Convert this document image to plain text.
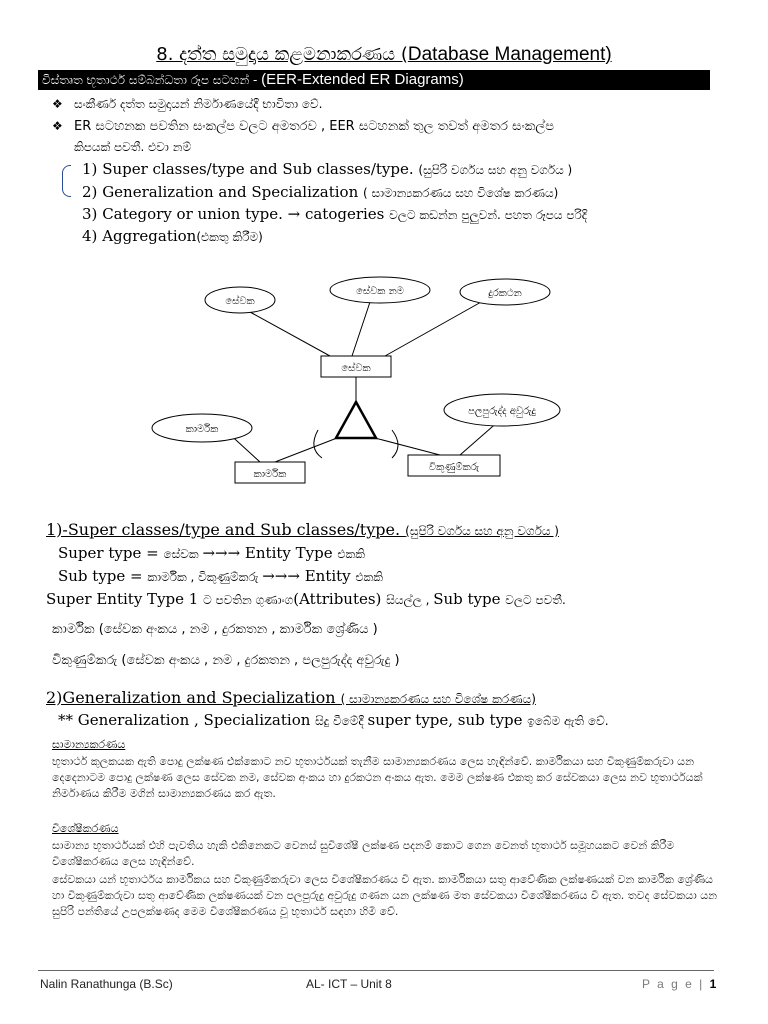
8. දත්ත සමුදාය කළමනාකරණය (Database Management)
විස්තෘත භූතාර්ථ සම්බන්ධතා රූප සටහන් - (EER-Extended ER Diagrams)
❖ සංකීර්ණ දත්ත සමුදායන් නිර්මාණයේදී භාවිතා වේ.
❖ ER සටහනක පවතින සංකල්ප වලට අමතරව , EER සටහනක් තුල තවත් අමතර සංකල්ප
කිපයක් පවතී. එවා නම්
1) Super classes/type and Sub classes/type. (සුපිරි වර්ගය සහ අනු වර්ගය )
2) Generalization and Specialization ( සාමාන්‍යකරණය සහ විශේෂ කරණය)
3) Category or union type. → catogeries වලට කඩන්න පුලුවන්. පහත රූපය පරිදි
4) Aggregation(එකතු කිරීම)
සේවක
සේවක නම	දුරකථන
සේවක
කාර්මික
පලපුරුද්ද අවුරුදු
කාර්මික
විකුණුම්කරු
1)-Super classes/type and Sub classes/type. (සුපිරි වර්ගය සහ අනු වර්ගය )
Super type = සේවක →→→ Entity Type එකකි
Sub type = කාර්මික , විකුණුම්කරු →→→ Entity එකකි
Super Entity Type 1 ට පවතින ගුණාංග(Attributes) සියල්ල , Sub type වලට පවතී.
කාර්මික (සේවක අංකය , නම , දුරකතන , කාර්මික ශ්‍රේණිය )
විකුණුම්කරු (සේවක අංකය , නම , දුරකතන , පලපුරුද්ද අවුරුදු )
2)Generalization and Specialization ( සාමාන්‍යකරණය සහ විශේෂ කරණය)
** Generalization , Specialization සිදු වීමේදී super type, sub type ඉබේම ඇති වේ.
සාමාන්‍යකරණය
භූතාර්ථ කුලකයක ඇති පොදු ලක්ෂණ එක්කොට නව භූතාර්ථයක් තැනීම සාමාන්‍යකරණය ලෙස හැඳින්වේ. කාර්මිකයා සහ විකුණුම්කරුවා යන දෙදෙනාටම පොදු ලක්ෂණ ලෙස සේවක නම, සේවක අංකය හා දුරකථන අංකය ඇත. මෙම ලක්ෂණ එකතු කර සේවකයා ලෙස නව භූතාර්ථයක් නිර්මාණය කිරීම මගින් සාමාන්‍යකරණය කර ඇත.
විශේෂීකරණය
සාමාන්‍ය භූතාර්ථයක් එහි පැවතිය හැකි එකිනෙකට වෙනස් සුවිශේෂී ලක්ෂණ පදනම් කොට ගෙන වෙනත් භූතාර්ථ සමූහයකට වෙන් කිරීම විශේෂීකරණය ලෙස හැඳින්වේ.
සේවකයා යන් භූතාර්ථය කාර්මිකය සහ විකුණුම්කරුවා ලෙස විශේෂීකරණය වී ඇත. කාර්මිකයා සතු ආවේණික ලක්ෂණයක් වන කාර්මික ශ්‍රේණිය හා විකුණුම්කරුවා සතු ආවේණික ලක්ෂණයක් වන පලපුරුදු අවුරුදු ගණන යන ලක්ෂණ මත සේවකයා විශේෂීකරණය වී ඇත. තවද සේවකයා යන සුපිරි පන්තියේ උපලක්ෂණද මෙම විශේෂීකරණය වූ භූතාර්ථ සඳහා හිමි වේ.
Nalin Ranathunga (B.Sc)	AL- ICT – Unit 8	P a g e | 1
